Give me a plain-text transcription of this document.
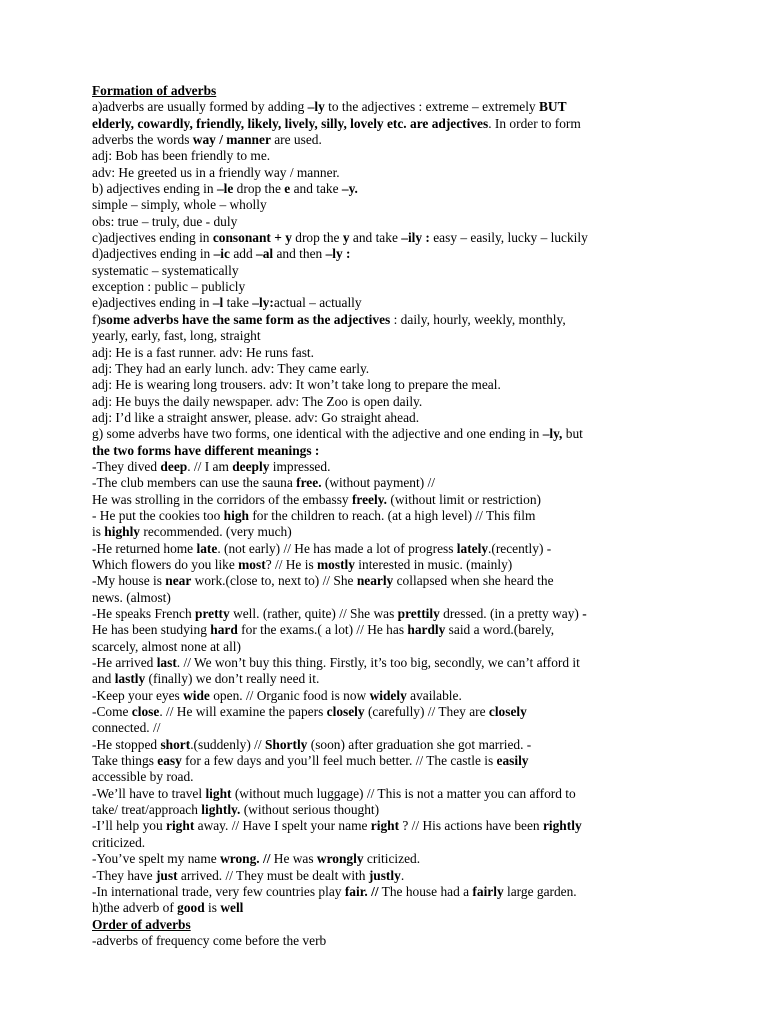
Formation of adverbs
a)adverbs are usually formed by adding –ly to the adjectives : extreme – extremely BUT
elderly, cowardly, friendly, likely, lively, silly, lovely etc. are adjectives. In order to form
adverbs the words way / manner are used.
adj: Bob has been friendly to me.
adv: He greeted us in a friendly way / manner.
b) adjectives ending in –le drop the e and take –y.
simple – simply, whole – wholly
obs: true – truly, due - duly
c)adjectives ending in consonant + y drop the y and take –ily : easy – easily, lucky – luckily
d)adjectives ending in –ic add –al and then –ly :
systematic – systematically
exception : public – publicly
e)adjectives ending in –l take –ly:actual – actually
f)some adverbs have the same form as the adjectives : daily, hourly, weekly, monthly,
yearly, early, fast, long, straight
adj: He is a fast runner. adv: He runs fast.
adj: They had an early lunch. adv: They came early.
adj: He is wearing long trousers. adv: It won’t take long to prepare the meal.
adj: He buys the daily newspaper. adv: The Zoo is open daily.
adj: I’d like a straight answer, please. adv: Go straight ahead.
g) some adverbs have two forms, one identical with the adjective and one ending in –ly, but
the two forms have different meanings :
-They dived deep. // I am deeply impressed.
-The club members can use the sauna free. (without payment) //
He was strolling in the corridors of the embassy freely. (without limit or restriction)
- He put the cookies too high for the children to reach. (at a high level) // This film
is highly recommended. (very much)
-He returned home late. (not early) // He has made a lot of progress lately.(recently) -
Which flowers do you like most? // He is mostly interested in music. (mainly)
-My house is near work.(close to, next to) // She nearly collapsed when she heard the
news. (almost)
-He speaks French pretty well. (rather, quite) // She was prettily dressed. (in a pretty way) -
He has been studying hard for the exams.( a lot) // He has hardly said a word.(barely,
scarcely, almost none at all)
-He arrived last. // We won’t buy this thing. Firstly, it’s too big, secondly, we can’t afford it
and lastly (finally) we don’t really need it.
-Keep your eyes wide open. // Organic food is now widely available.
-Come close. // He will examine the papers closely (carefully) // They are closely
connected. //
-He stopped short.(suddenly) // Shortly (soon) after graduation she got married. -
Take things easy for a few days and you’ll feel much better. // The castle is easily
accessible by road.
-We’ll have to travel light (without much luggage) // This is not a matter you can afford to
take/ treat/approach lightly. (without serious thought)
-I’ll help you right away. // Have I spelt your name right ? // His actions have been rightly
criticized.
-You’ve spelt my name wrong. // He was wrongly criticized.
-They have just arrived. // They must be dealt with justly.
-In international trade, very few countries play fair. // The house had a fairly large garden.
h)the adverb of good is well
Order of adverbs
-adverbs of frequency come before the verb
